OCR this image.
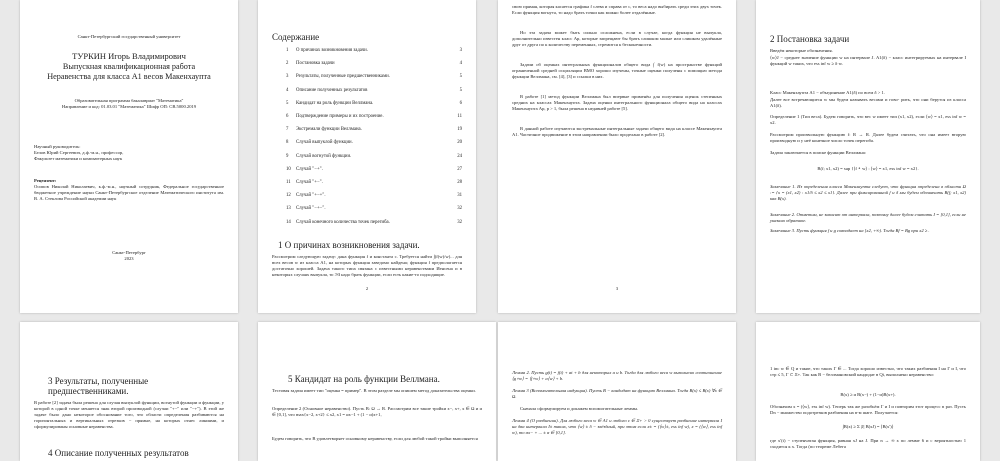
Санкт-Петербургский государственный университет
ТУРКИН Игорь Владимирович
Выпускная квалификационная работа
Неравенства для класса A1 весов Макенхаупта
Образовательная программа бакалавриат "Математика"
Направление и код: 01.03.01 "Математика" Шифр ОП: СВ.5000.2019
Научный руководитель:
Белов Юрий Сергеевич, д.ф.-м.н., профессор,
Факультет математики и компьютерных наук
Рецензент:
Осипов Николай Николаевич, к.ф.-м.н., научный сотрудник, Федеральное государственное бюджетное учреждение науки Санкт-Петербургское отделение Математического института им. В. А. Стеклова Российской академии наук
Санкт-Петербург
2023
Содержание
1	О причинах возникновения задачи.	3
2	Постановка задачи	4
3	Результаты, полученные предшественниками.	5
4	Описание полученных результатов	5
5	Кандидат на роль функции Веллмана.	6
6	Подтверждение примеры и их построение.	11
7	Экстремали функции Веллмана.	19
8	Случай выпуклой функции.	20
9	Случай вогнутой функции.	24
10	Случай "−+".	27
11	Случай "+−".	28
12	Случай "+−+".	31
13	Случай "−+−".	32
14	Случай конечного количества точек перегиба.	32
1 О причинах возникновения задачи.
Рассмотрим следующую задачу: дана функция f и константа c. Требуется найти ∫(f(w)/w)... для всех весов w из класса A1, на которых функция заведомо найдена; функция f предполагается достаточно хорошей. Задача такого типа связана с известными неравенствами Иенсена и в некоторых случаях выпукла, то ЭЗ надо брать функции, если есть какие-то подходящие.
2
свою прямая, которая касается графика f слева и справа от c, то веса надо выбирать среди этих двух точек. Если функция вогнута, то надо брать точки как можно более отдалённые.
Но эта задача может быть сильно осложнена, если в случае, когда функция не выпукла, дополнительно известен класс Ap, которые запрещают бы брать слишком малые или слишком удалённые друг от друга по к количеству переменных, стремится к бесконечности.
Задачи об оценках интегральных функционалов общего вида ∫ f(w) на пространстве функций ограниченной средней осцилляции BMO хорошо изучены, точные оценки получены с помощью метода функции Веллмана, см. [4], [3] и ссылки в них.
В работе [1] метод функции Веллмана был впервые применён для получения оценок степенных средних на классах Макенхаупта. Задача оценки интегрального функционала общего вида на классах Макенхаупта Ap, p > 1, была решена в недавней работе [5].
В данной работе изучаются экстремальные интегральные задачи общего вида на классе Макенхаупта A1. Частичное продвижение в этом направлении было проделано в работе [2].
3
2 Постановка задачи
Введём некоторые обозначения.
⟨w⟩J − среднее значение функции w на интервале J. A1(δ) − класс интегрируемых на интервале I функций w таких, что ess inf w ≥ δ·w.
Класс Макенхаупта A1 − объединение A1(δ) по всем δ > 1.
Далее все встречающиеся w мы будем называть весами и гово- рить, что они берутся из класса A1(δ).
Определение 1 (Тип веса). Будем говорить, что вес w имеет тип (x1, x2), если ⟨w⟩ = x1, ess inf w = x2.
Рассмотрим произвольную функцию f: R → R. Далее будем считать, что она имеет вторую производную и у неё конечное число точек перегиба.
Задача заключается в поиске функции Веллмана:
B(f; x1, x2) = sup {⟨f ∘ w⟩ : ⟨w⟩ = x1, ess inf w = x2}.
Замечание 1. Из определения класса Макенхаупта следует, что функция определена в области Ω := {x = (x1, x2) : x1/δ ≤ x2 ≤ x1}. Далее при фиксированной f и δ мы будем обозначать B(f; x1, x2) как B(x).
Замечание 2. Отметим, не зависит от интервала, поэтому далее будем считать I = [0,1], если не указано обратное.
Замечание 3. Пусть функция f и g совпадает на [x2, +∞). Тогда Bf = Bg при x2 ≥ .
3 Результаты, полученные предшественниками.
В работе [2] задача была решена для случая выпуклой функции, вогнутой функции и функции, у которой в одной точке меняется знак второй производной (случаи "+−" или "−+"). В этой же задаче было дано некоторое обоснование того, что области определения разбиваются на горизонтальных и вертикальных отрезков − прямые, на которых отнес линиями, и сформулированы основные неравенства.
4 Описание полученных результатов
5 Кандидат на роль функции Веллмана.
Тестовая задача имеет тип "оценка = пример". В этом разделе мы опишем метод доказательства оценки.
Определение 2 (Основное неравенство). Пусть B: Ω → R. Рассмотрим все такие тройки x−, x+, x ∈ Ω и α ∈ [0,1], что max{x−2, x+2} ≤ x2, x1 = αx−1 + (1 − α)x+1,
Будем говорить, что B удовлетворяет основному неравенству, если для любой такой тройки выполняется
Лемма 2. Пусть g(t) = f(t) + at + b для некоторых a и b. Тогда для любого веса w выполнено соотношение ⟨g∘w⟩ = ⟨f∘w⟩ + a⟨w⟩ + b.
Лемма 3 (Вспомогательная индукция). Пусть B − кандидат на функцию Веллмана. Тогда B(x) ≤ B(x) ∀x ∈ Ω.
Сначала сформулируем и докажем вспомогательные леммы.
Лемма 4 (О разбиении). Для любого веса w ∈ A1 и любого ε ∈ Ξ+ > 0 существует разбиение интервала I на два интервала I± таких, что ⟨w⟩ ± δ − звёздный, при этом если x± = (⟨w⟩±, ess inf w), x = (⟨w⟩, ess inf w), то αx− + ... ± α ∈ [0,1].
1 inc w ∈ Q и такие, что таких Г ∈ ... Тогда хорошо известно, что таких разбиения I на Г и I, что стр ≤ 5, Г ⊂ Ξ+. Так как B − беллмановский кандидат в Qi, выполнено неравенство:
B(x) ≥ α B(x−) + (1−α)B(x+).
Обозначим x = (⟨w⟩, ess inf w). Теперь так же разобьём Г и I и повторим этот процесс n раз. Пусть Dn − множество подотрезков разбиения на n-м шаге. Получается:
∫B(x) ≥ Σ |J| B(xJ) = ⟨B(x')⟩
где x'(t) − ступенчатая функция, равная xJ на J. При n → ∞ x по лемме 6 и с вероятностью 1 сходится к x. Тогда (по теореме Лебега
